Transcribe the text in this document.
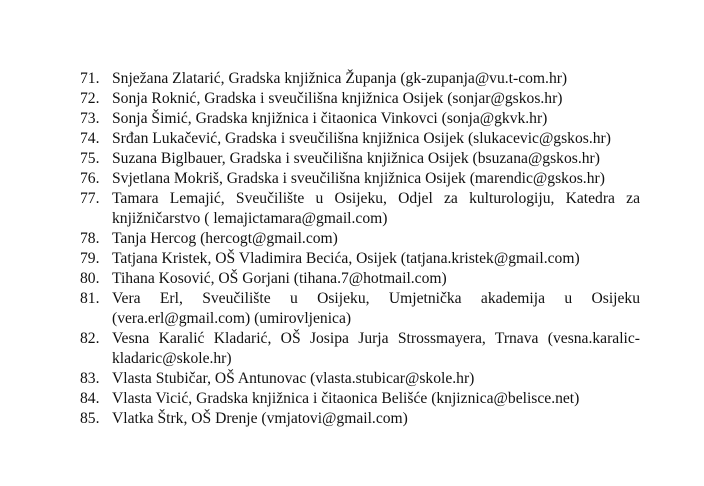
71. Snježana Zlatarić, Gradska knjižnica Županja (gk-zupanja@vu.t-com.hr)
72. Sonja Roknić, Gradska i sveučilišna knjižnica Osijek (sonjar@gskos.hr)
73. Sonja Šimić, Gradska knjižnica i čitaonica Vinkovci (sonja@gkvk.hr)
74. Srđan Lukačević, Gradska i sveučilišna knjižnica Osijek (slukacevic@gskos.hr)
75. Suzana Biglbauer, Gradska i sveučilišna knjižnica Osijek (bsuzana@gskos.hr)
76. Svjetlana Mokriš, Gradska i sveučilišna knjižnica Osijek (marendic@gskos.hr)
77. Tamara Lemajić, Sveučilište u Osijeku, Odjel za kulturologiju, Katedra za knjižničarstvo ( lemajictamara@gmail.com)
78. Tanja Hercog (hercogt@gmail.com)
79. Tatjana Kristek, OŠ Vladimira Becića, Osijek (tatjana.kristek@gmail.com)
80. Tihana Kosović, OŠ Gorjani (tihana.7@hotmail.com)
81. Vera Erl, Sveučilište u Osijeku, Umjetnička akademija u Osijeku (vera.erl@gmail.com) (umirovljenica)
82. Vesna Karalić Kladarić, OŠ Josipa Jurja Strossmayera, Trnava (vesna.karalic-kladaric@skole.hr)
83. Vlasta Stubičar, OŠ Antunovac (vlasta.stubicar@skole.hr)
84. Vlasta Vicić, Gradska knjižnica i čitaonica Belišće (knjiznica@belisce.net)
85. Vlatka Štrk, OŠ Drenje (vmjatovi@gmail.com)
